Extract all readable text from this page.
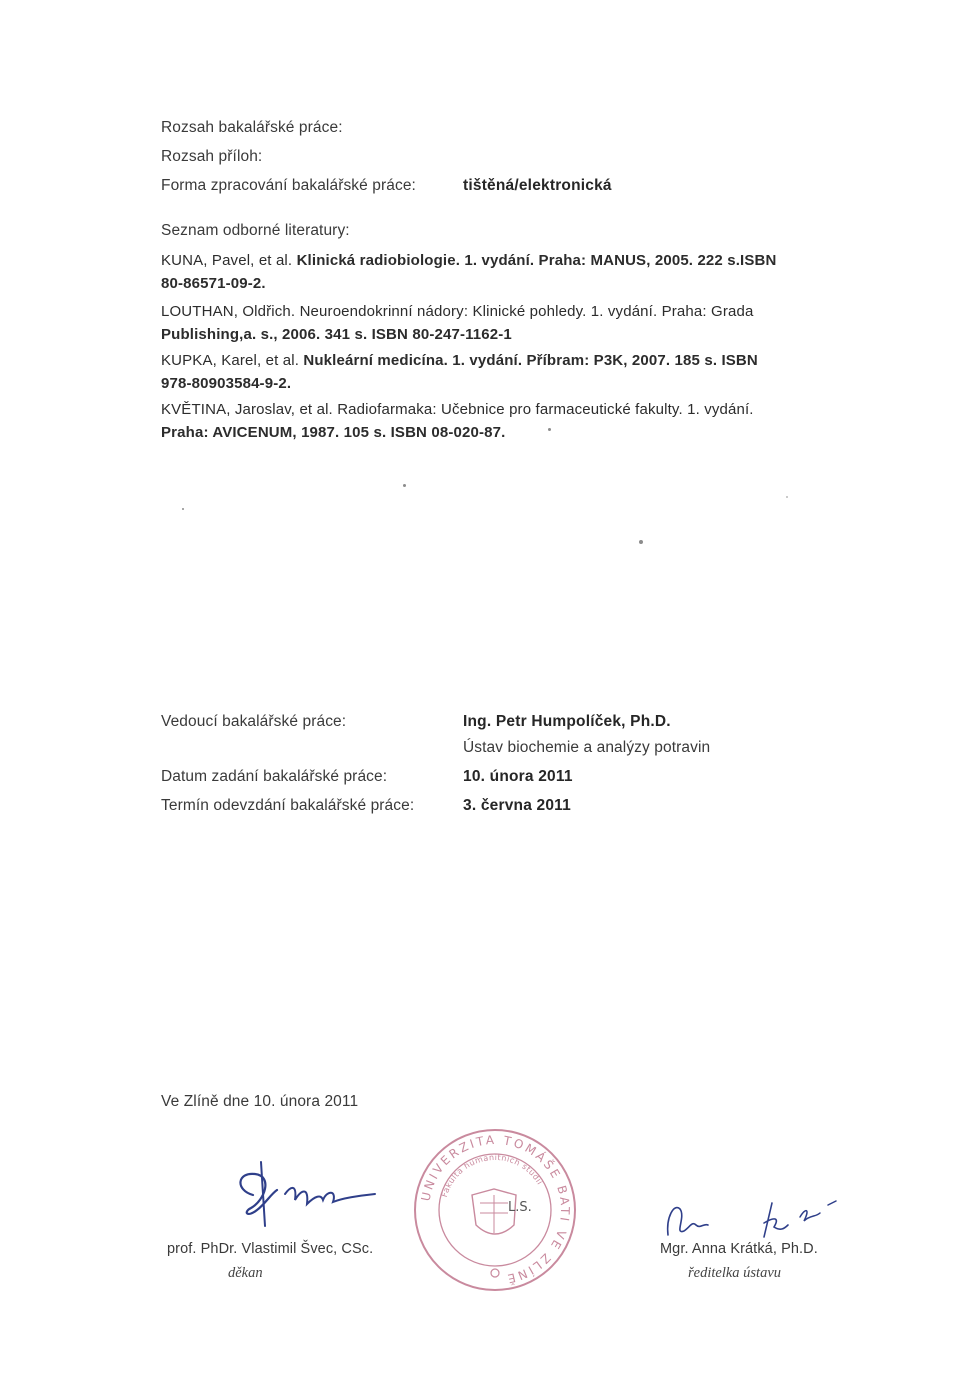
Rozsah bakalářské práce:
Rozsah příloh:
Forma zpracování bakalářské práce:	tištěná/elektronická
Seznam odborné literatury:
KUNA, Pavel, et al. Klinická radiobiologie. 1. vydání. Praha: MANUS, 2005. 222 s.ISBN
80-86571-09-2.
LOUTHAN, Oldřich. Neuroendokrinní nádory: Klinické pohledy. 1. vydání. Praha: Grada
Publishing,a. s., 2006. 341 s. ISBN 80-247-1162-1
KUPKA, Karel, et al. Nukleární medicína. 1. vydání. Příbram: P3K, 2007. 185 s. ISBN
978-80903584-9-2.
KVĚTINA, Jaroslav, et al. Radiofarmaka: Učebnice pro farmaceutické fakulty. 1. vydání.
Praha: AVICENUM, 1987. 105 s. ISBN 08-020-87.
Vedoucí bakalářské práce:	Ing. Petr Humpolíček, Ph.D.
Ústav biochemie a analýzy potravin
Datum zadání bakalářské práce:	10. února 2011
Termín odevzdání bakalářské práce:	3. června 2011
Ve Zlíně dne 10. února 2011
prof. PhDr. Vlastimil Švec, CSc.
děkan
UNIVERZITA TOMÁŠE BATI VE ZLÍNĚ
Fakulta humanitních studií
L.S.
Mgr. Anna Krátká, Ph.D.
ředitelka ústavu
